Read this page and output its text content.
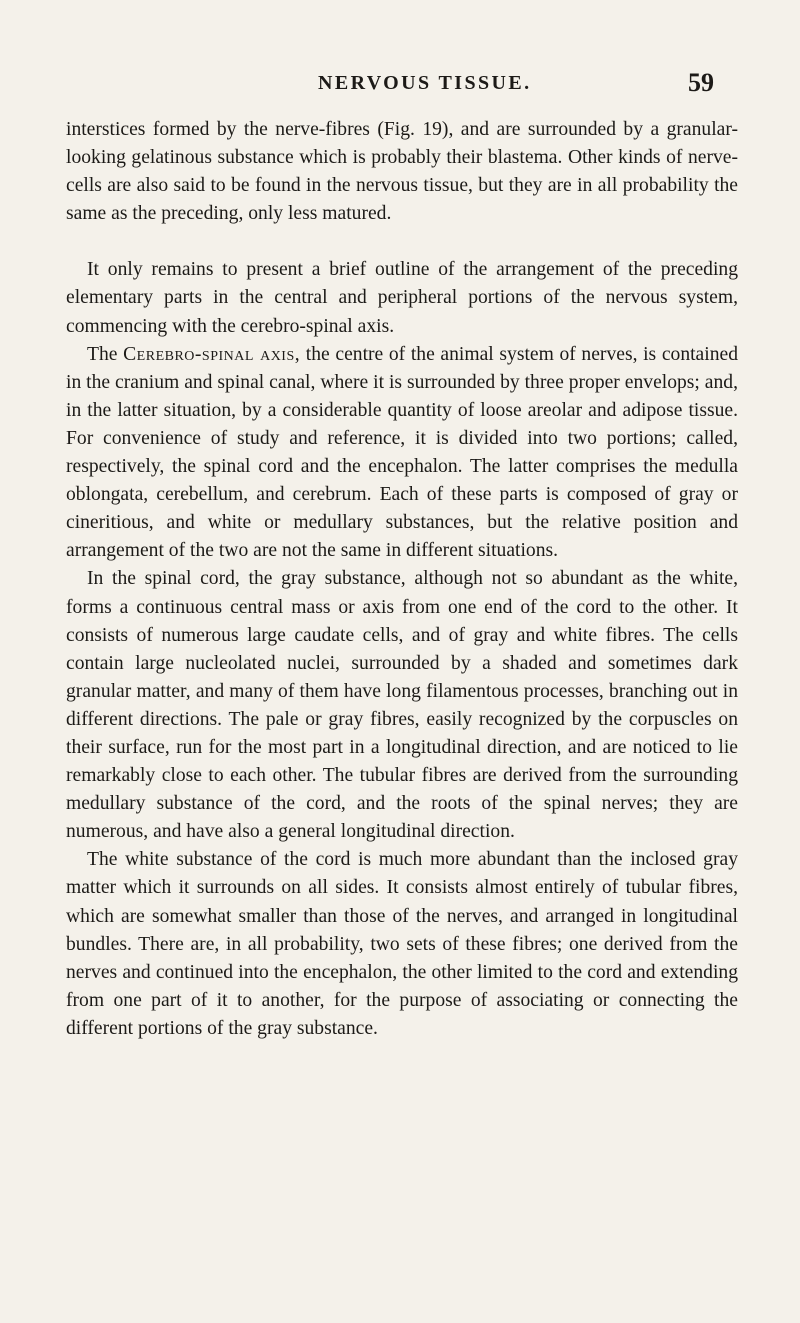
NERVOUS TISSUE.	59

interstices formed by the nerve-fibres (Fig. 19), and are surrounded by a granular-looking gelatinous substance which is probably their blastema. Other kinds of nerve-cells are also said to be found in the nervous tissue, but they are in all probability the same as the preceding, only less matured.

It only remains to present a brief outline of the arrangement of the preceding elementary parts in the central and peripheral portions of the nervous system, commencing with the cerebro-spinal axis.

The Cerebro-spinal axis, the centre of the animal system of nerves, is contained in the cranium and spinal canal, where it is surrounded by three proper envelops; and, in the latter situation, by a considerable quantity of loose areolar and adipose tissue. For convenience of study and reference, it is divided into two portions; called, respectively, the spinal cord and the encephalon. The latter comprises the medulla oblongata, cerebellum, and cerebrum. Each of these parts is composed of gray or cineritious, and white or medullary substances, but the relative position and arrangement of the two are not the same in different situations.

In the spinal cord, the gray substance, although not so abundant as the white, forms a continuous central mass or axis from one end of the cord to the other. It consists of numerous large caudate cells, and of gray and white fibres. The cells contain large nucleolated nuclei, surrounded by a shaded and sometimes dark granular matter, and many of them have long filamentous processes, branching out in different directions. The pale or gray fibres, easily recognized by the corpuscles on their surface, run for the most part in a longitudinal direction, and are noticed to lie remarkably close to each other. The tubular fibres are derived from the surrounding medullary substance of the cord, and the roots of the spinal nerves; they are numerous, and have also a general longitudinal direction.

The white substance of the cord is much more abundant than the inclosed gray matter which it surrounds on all sides. It consists almost entirely of tubular fibres, which are somewhat smaller than those of the nerves, and arranged in longitudinal bundles. There are, in all probability, two sets of these fibres; one derived from the nerves and continued into the encephalon, the other limited to the cord and extending from one part of it to another, for the purpose of associating or connecting the different portions of the gray substance.
